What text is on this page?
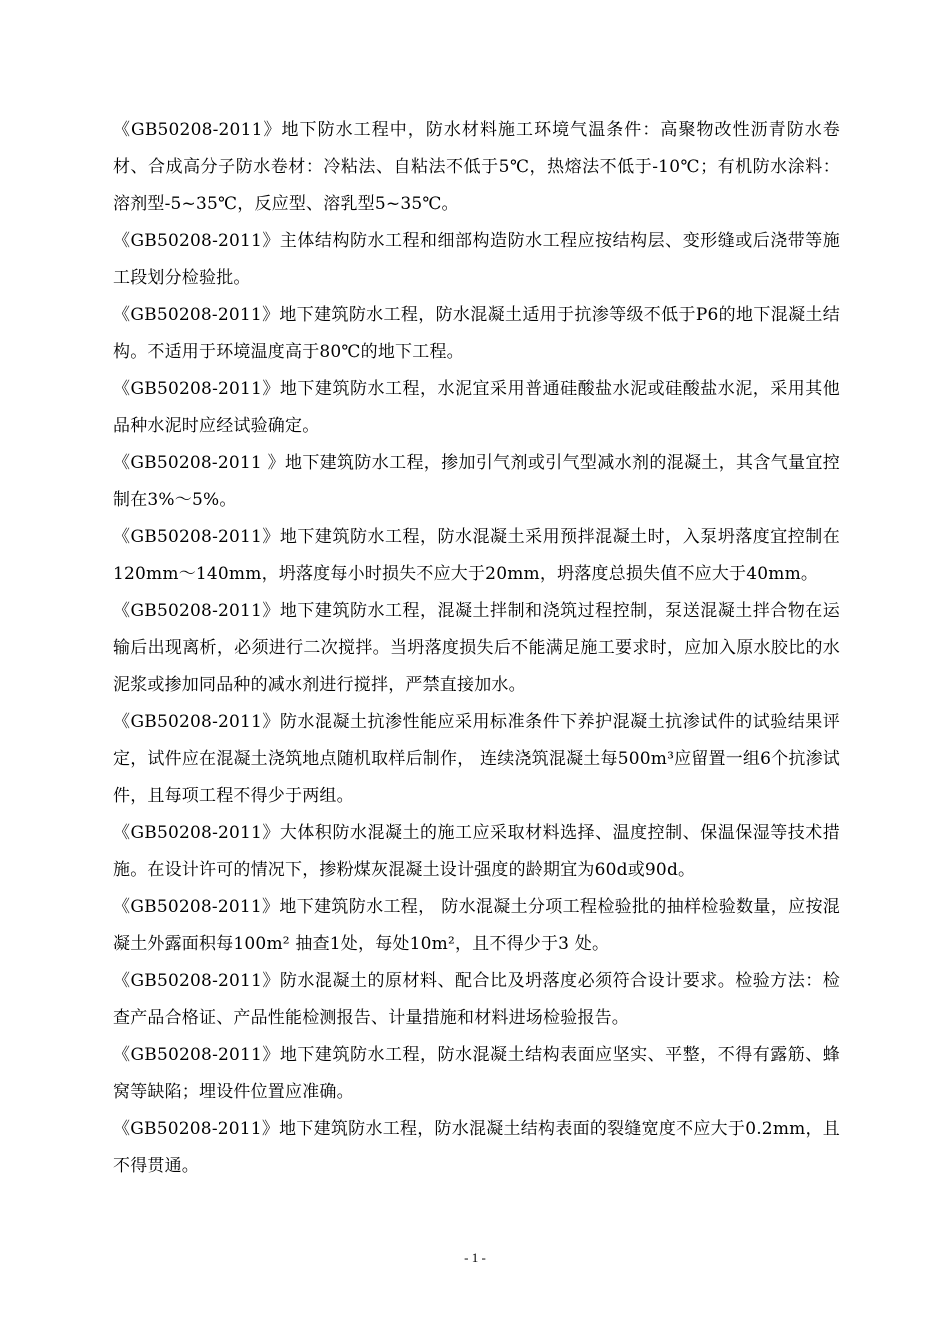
《GB50208-2011》地下防水工程中，防水材料施工环境气温条件：高聚物改性沥青防水卷材、合成高分子防水卷材：冷粘法、自粘法不低于5℃，热熔法不低于-10℃；有机防水涂料：溶剂型-5~35℃，反应型、溶乳型5~35℃。

《GB50208-2011》主体结构防水工程和细部构造防水工程应按结构层、变形缝或后浇带等施工段划分检验批。

《GB50208-2011》地下建筑防水工程，防水混凝土适用于抗渗等级不低于P6的地下混凝土结构。不适用于环境温度高于80℃的地下工程。

《GB50208-2011》地下建筑防水工程，水泥宜采用普通硅酸盐水泥或硅酸盐水泥，采用其他品种水泥时应经试验确定。

《GB50208-2011 》地下建筑防水工程，掺加引气剂或引气型减水剂的混凝土，其含气量宜控制在3%～5%。

《GB50208-2011》地下建筑防水工程，防水混凝土采用预拌混凝土时，入泵坍落度宜控制在120mm～140mm，坍落度每小时损失不应大于20mm，坍落度总损失值不应大于40mm。

《GB50208-2011》地下建筑防水工程，混凝土拌制和浇筑过程控制，泵送混凝土拌合物在运输后出现离析，必须进行二次搅拌。当坍落度损失后不能满足施工要求时，应加入原水胶比的水泥浆或掺加同品种的减水剂进行搅拌，严禁直接加水。

《GB50208-2011》防水混凝土抗渗性能应采用标准条件下养护混凝土抗渗试件的试验结果评定，试件应在混凝土浇筑地点随机取样后制作， 连续浇筑混凝土每500m³应留置一组6个抗渗试件，且每项工程不得少于两组。

《GB50208-2011》大体积防水混凝土的施工应采取材料选择、温度控制、保温保湿等技术措施。在设计许可的情况下，掺粉煤灰混凝土设计强度的龄期宜为60d或90d。

《GB50208-2011》地下建筑防水工程， 防水混凝土分项工程检验批的抽样检验数量，应按混凝土外露面积每100m² 抽查1处，每处10m²，且不得少于3 处。

《GB50208-2011》防水混凝土的原材料、配合比及坍落度必须符合设计要求。检验方法：检查产品合格证、产品性能检测报告、计量措施和材料进场检验报告。

《GB50208-2011》地下建筑防水工程，防水混凝土结构表面应坚实、平整，不得有露筋、蜂窝等缺陷；埋设件位置应准确。

《GB50208-2011》地下建筑防水工程，防水混凝土结构表面的裂缝宽度不应大于0.2mm，且不得贯通。

- 1 -
